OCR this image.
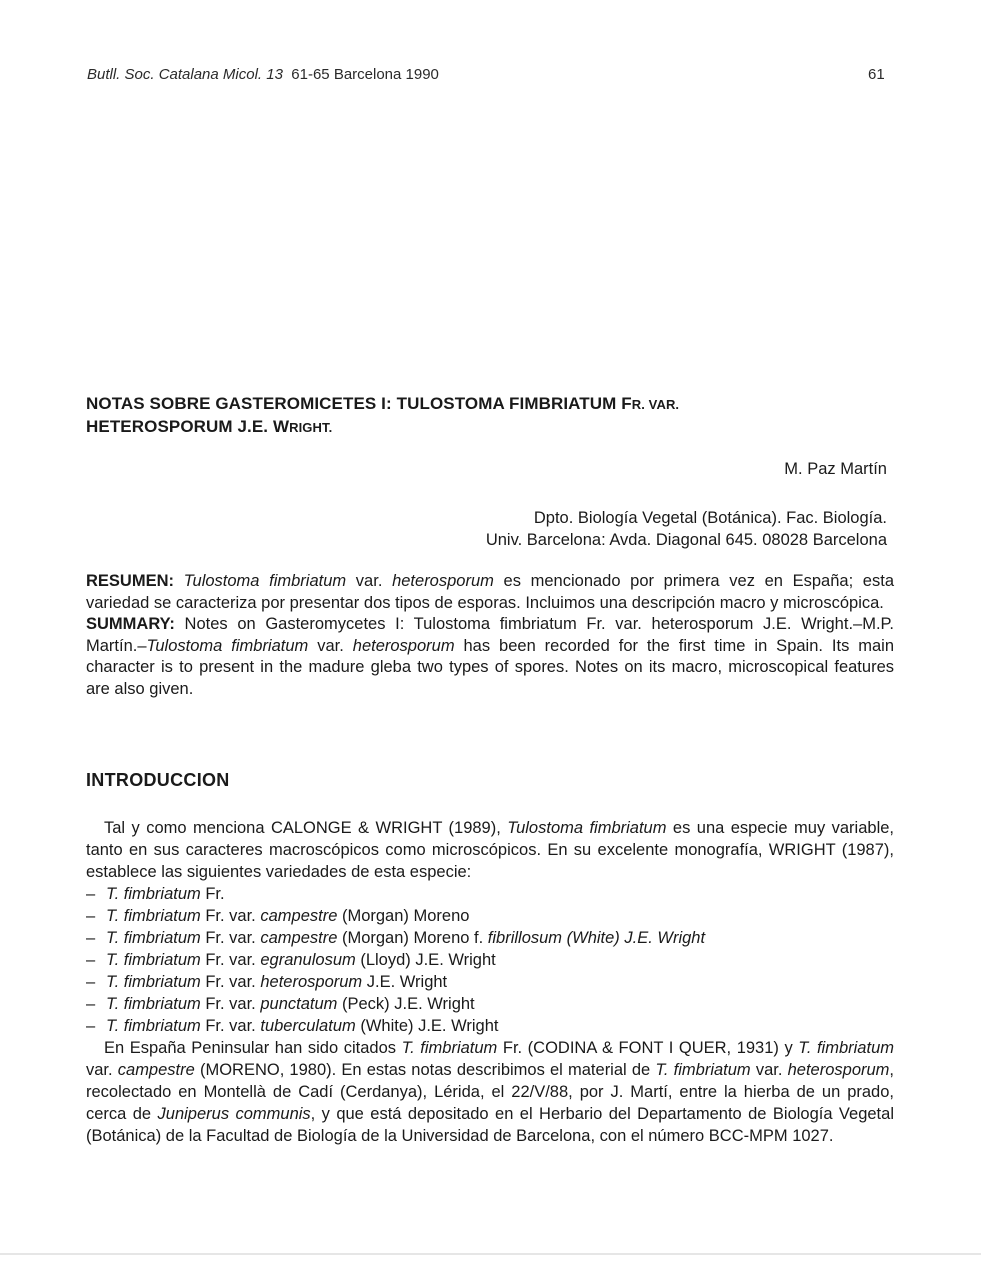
Butll. Soc. Catalana Micol. 13 61-65 Barcelona 1990	61
NOTAS SOBRE GASTEROMICETES I: TULOSTOMA FIMBRIATUM FR. VAR.
HETEROSPORUM J.E. WRIGHT.
M. Paz Martín
Dpto. Biología Vegetal (Botánica). Fac. Biología.
Univ. Barcelona: Avda. Diagonal 645. 08028 Barcelona

RESUMEN: Tulostoma fimbriatum var. heterosporum es mencionado por primera vez en España; esta variedad se caracteriza por presentar dos tipos de esporas. Incluimos una descripción macro y microscópica.

SUMMARY: Notes on Gasteromycetes I: Tulostoma fimbriatum Fr. var. heterosporum J.E. Wright.–M.P. Martín.–Tulostoma fimbriatum var. heterosporum has been recorded for the first time in Spain. Its main character is to present in the madure gleba two types of spores. Notes on its macro, microscopical features are also given.

INTRODUCCION

Tal y como menciona CALONGE & WRIGHT (1989), Tulostoma fimbriatum es una especie muy variable, tanto en sus caracteres macroscópicos como microscópicos. En su excelente monografía, WRIGHT (1987), establece las siguientes variedades de esta especie:

– T. fimbriatum Fr.
– T. fimbriatum Fr. var. campestre (Morgan) Moreno
– T. fimbriatum Fr. var. campestre (Morgan) Moreno f. fibrillosum (White) J.E. Wright
– T. fimbriatum Fr. var. egranulosum (Lloyd) J.E. Wright
– T. fimbriatum Fr. var. heterosporum J.E. Wright
– T. fimbriatum Fr. var. punctatum (Peck) J.E. Wright
– T. fimbriatum Fr. var. tuberculatum (White) J.E. Wright

En España Peninsular han sido citados T. fimbriatum Fr. (CODINA & FONT I QUER, 1931) y T. fimbriatum var. campestre (MORENO, 1980). En estas notas describimos el material de T. fimbriatum var. heterosporum, recolectado en Montellà de Cadí (Cerdanya), Lérida, el 22/V/88, por J. Martí, entre la hierba de un prado, cerca de Juniperus communis, y que está depositado en el Herbario del Departamento de Biología Vegetal (Botánica) de la Facultad de Biología de la Universidad de Barcelona, con el número BCC-MPM 1027.
